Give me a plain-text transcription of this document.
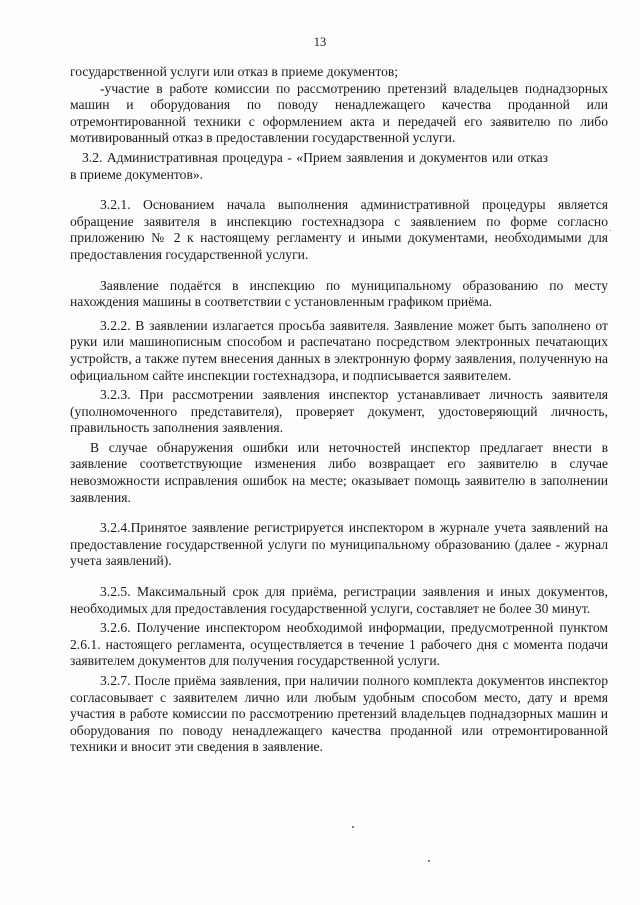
13

государственной услуги или отказ в приеме документов;

-участие в работе комиссии по рассмотрению претензий владельцев поднадзорных машин и оборудования по поводу ненадлежащего качества проданной или отремонтированной техники с оформлением акта и передачей его заявителю по либо мотивированный отказ в предоставлении государственной услуги.

3.2. Административная процедура - «Прием заявления и документов или отказ в приеме документов».

3.2.1. Основанием начала выполнения административной процедуры является обращение заявителя в инспекцию гостехнадзора с заявлением по форме согласно приложению № 2 к настоящему регламенту и иными документами, необходимыми для предоставления государственной услуги.

Заявление подаётся в инспекцию по муниципальному образованию по месту нахождения машины в соответствии с установленным графиком приёма.

3.2.2. В заявлении излагается просьба заявителя. Заявление может быть заполнено от руки или машинописным способом и распечатано посредством электронных печатающих устройств, а также путем внесения данных в электронную форму заявления, полученную на официальном сайте инспекции гостехнадзора, и подписывается заявителем.

3.2.3. При рассмотрении заявления инспектор устанавливает личность заявителя (уполномоченного представителя), проверяет документ, удостоверяющий личность, правильность заполнения заявления.

В случае обнаружения ошибки или неточностей инспектор предлагает внести в заявление соответствующие изменения либо возвращает его заявителю в случае невозможности исправления ошибок на месте; оказывает помощь заявителю в заполнении заявления.

3.2.4.Принятое заявление регистрируется инспектором в журнале учета заявлений на предоставление государственной услуги по муниципальному образованию (далее - журнал учета заявлений).

3.2.5. Максимальный срок для приёма, регистрации заявления и иных документов, необходимых для предоставления государственной услуги, составляет не более 30 минут.

3.2.6. Получение инспектором необходимой информации, предусмотренной пунктом 2.6.1. настоящего регламента, осуществляется в течение 1 рабочего дня с момента подачи заявителем документов для получения государственной услуги.

3.2.7. После приёма заявления, при наличии полного комплекта документов инспектор согласовывает с заявителем лично или любым удобным способом место, дату и время участия в работе комиссии по рассмотрению претензий владельцев поднадзорных машин и оборудования по поводу ненадлежащего качества проданной или отремонтированной техники и вносит эти сведения в заявление.
